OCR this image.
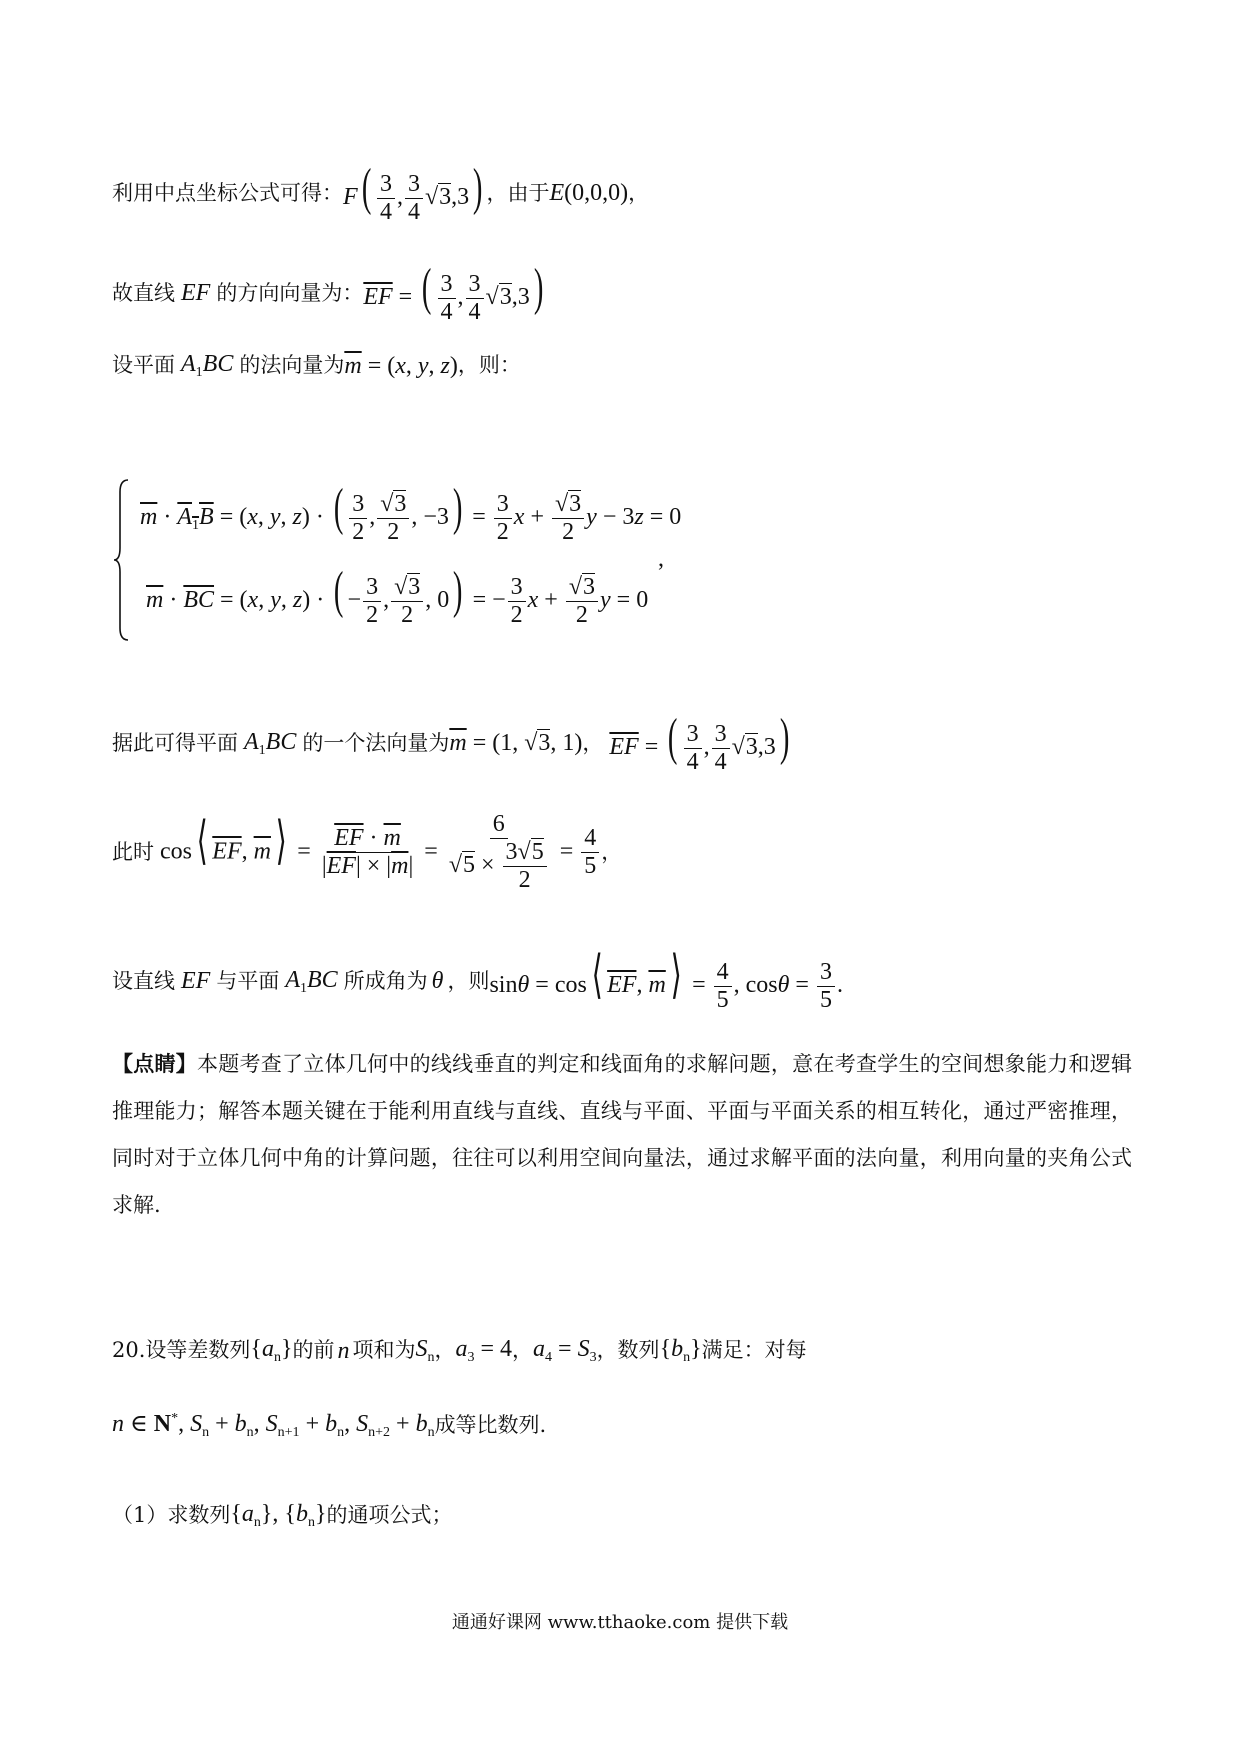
利用中点坐标公式可得： $F( \frac{3}{4}$ , $\frac{3}{4} √3,3$) ，由于 E(0,0,0) ，
故直线 EF 的方向向量为： $\overline{EF}$ = ( $\frac{3}{4}$ , $\frac{3}{4} √3,3$)
设平面 $A_1BC$ 的法向量为 $\overline{m} = (x$, y, z) ，则：
$\overline{m} \cdot A_1B = (x$, y, z) · ( $\frac{3}{2}$ , $\frac{√3}{2}$ , $-3) = \frac{3}{2}$ $x + \frac{√3}{2}$ y − 3z = 0
$\overline{m} \cdot \overline{BC} = (x$, y, z) · ( − $\frac{3}{2}$ , $\frac{√3}{2}$ , 0) = − $\frac{3}{2}$ $x + \frac{√3}{2}$ y = 0
,
据此可得平面 $A_1BC$ 的一个法向量为 $\overline{m} = (1$, √3, 1) ， $\overline{EF}$ = ( $\frac{3}{4}$ , $\frac{3}{4} √3,3$)
此时 cos⟨ $\overline{EF}$, $\overline{m}⟩ = \frac{\overline{EF} \cdot \overline{m}}{|\overline{EF}| \times |\overline{m}|} = \frac{6}{√5 \times \frac{3√5}{2}} = \frac{4}{5}$ ，
设直线 EF 与平面 $A_1BC$ 所成角为 θ ，则 sinθ = cos⟨ $\overline{EF}$, $\overline{m}⟩ = \frac{4}{5}$ , $\cos\theta = \frac{3}{5}$ .
【点睛】本题考查了立体几何中的线线垂直的判定和线面角的求解问题，意在考查学生的空间想象能力和逻辑推理能力；解答本题关键在于能利用直线与直线、直线与平面、平面与平面关系的相互转化，通过严密推理，同时对于立体几何中角的计算问题，往往可以利用空间向量法，通过求解平面的法向量，利用向量的夹角公式求解.
20.设等差数列 $\{a_n\}$ 的前 n 项和为 $S_n$ ， $a_3 = 4$ ， $a_4 = S_3$ ，数列 $\{b_n\}$ 满足：对每
n ∈ N*, $S_n + b_n$, $S_{n+1} + b_n$, $S_{n+2} + b_n$ 成等比数列.
（1）求数列 $\{a_n\}$, $\{b_n\}$ 的通项公式；
通通好课网 www.tthaoke.com 提供下载
